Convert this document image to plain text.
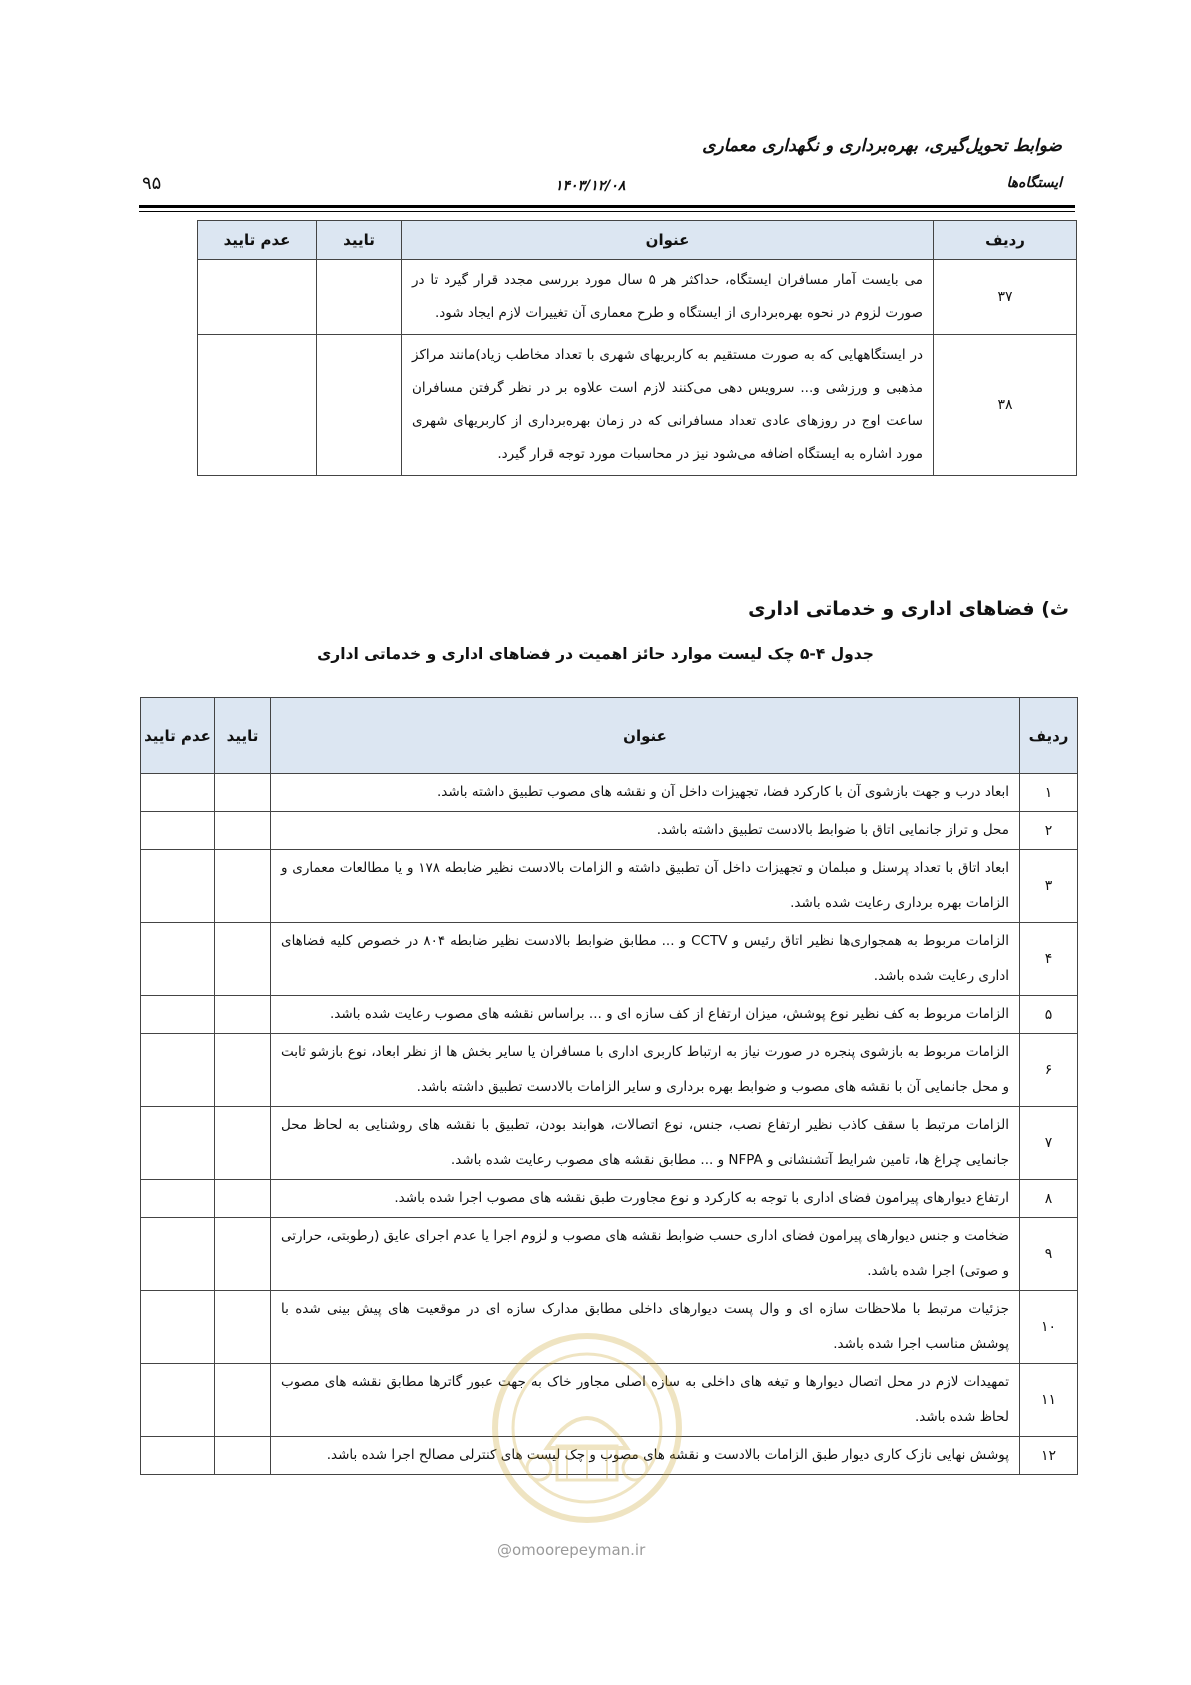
ضوابط تحویل‌گیری، بهره‌برداری و نگهداری معماری
ایستگاه‌ها
۱۴۰۳/۱۲/۰۸
۹۵
ردیف	عنوان	تایید	عدم تایید
۳۷	می بایست آمار مسافران ایستگاه، حداکثر هر ۵ سال مورد بررسی مجدد قرار گیرد تا در صورت لزوم در نحوه بهره‌برداری از ایستگاه و طرح معماری آن تغییرات لازم ایجاد شود.		
۳۸	در ایستگاههایی که به صورت مستقیم به کاربریهای شهری با تعداد مخاطب زیاد)مانند مراکز مذهبی و ورزشی و... سرویس دهی می‌کنند لازم است علاوه بر در نظر گرفتن مسافران ساعت اوج در روزهای عادی تعداد مسافرانی که در زمان بهره‌برداری از کاربریهای شهری مورد اشاره به ایستگاه اضافه می‌شود نیز در محاسبات مورد توجه قرار گیرد.		
ث) فضاهای اداری و خدماتی اداری
جدول ۴-۵ چک لیست موارد حائز اهمیت در فضاهای اداری و خدماتی اداری
ردیف	عنوان	تایید	عدم تایید
۱	ابعاد درب و جهت بازشوی آن با کارکرد فضا، تجهیزات داخل آن و نقشه های مصوب تطبیق داشته باشد.		
۲	محل و تراز جانمایی اتاق با ضوابط بالادست تطبیق داشته باشد.		
۳	ابعاد اتاق با تعداد پرسنل و مبلمان و تجهیزات داخل آن تطبیق داشته و الزامات بالادست نظیر ضابطه ۱۷۸ و یا مطالعات معماری و الزامات بهره برداری رعایت شده باشد.		
۴	الزامات مربوط به همجواری‌ها نظیر اتاق رئیس و CCTV و ... مطابق ضوابط بالادست نظیر ضابطه ۸۰۴ در خصوص کلیه فضاهای اداری رعایت شده باشد.		
۵	الزامات مربوط به کف نظیر نوع پوشش، میزان ارتفاع از کف سازه ای و ... براساس نقشه های مصوب رعایت شده باشد.		
۶	الزامات مربوط به بازشوی پنجره در صورت نیاز به ارتباط کاربری اداری با مسافران یا سایر بخش ها از نظر ابعاد، نوع بازشو ثابت و محل جانمایی آن با نقشه های مصوب و ضوابط بهره برداری و سایر الزامات بالادست تطبیق داشته باشد.		
۷	الزامات مرتبط با سقف کاذب نظیر ارتفاع نصب، جنس، نوع اتصالات، هوابند بودن، تطبیق با نقشه های روشنایی به لحاظ محل جانمایی چراغ ها، تامین شرایط آتشنشانی و NFPA و ... مطابق نقشه های مصوب رعایت شده باشد.		
۸	ارتفاع دیوارهای پیرامون فضای اداری با توجه به کارکرد و نوع مجاورت طبق نقشه های مصوب اجرا شده باشد.		
۹	ضخامت و جنس دیوارهای پیرامون فضای اداری حسب ضوابط نقشه های مصوب و لزوم اجرا یا عدم اجرای عایق (رطوبتی، حرارتی و صوتی) اجرا شده باشد.		
۱۰	جزئیات مرتبط با ملاحظات سازه ای و وال پست دیوارهای داخلی مطابق مدارک سازه ای در موقعیت های پیش بینی شده با پوشش مناسب اجرا شده باشد.		
۱۱	تمهیدات لازم در محل اتصال دیوارها و تیغه های داخلی به سازه اصلی مجاور خاک به جهت عبور گاترها مطابق نقشه های مصوب لحاظ شده باشد.		
۱۲	پوشش نهایی نازک کاری دیوار طبق الزامات بالادست و نقشه های مصوب و چک لیست های کنترلی مصالح اجرا شده باشد.		
@omoorepeyman.ir
